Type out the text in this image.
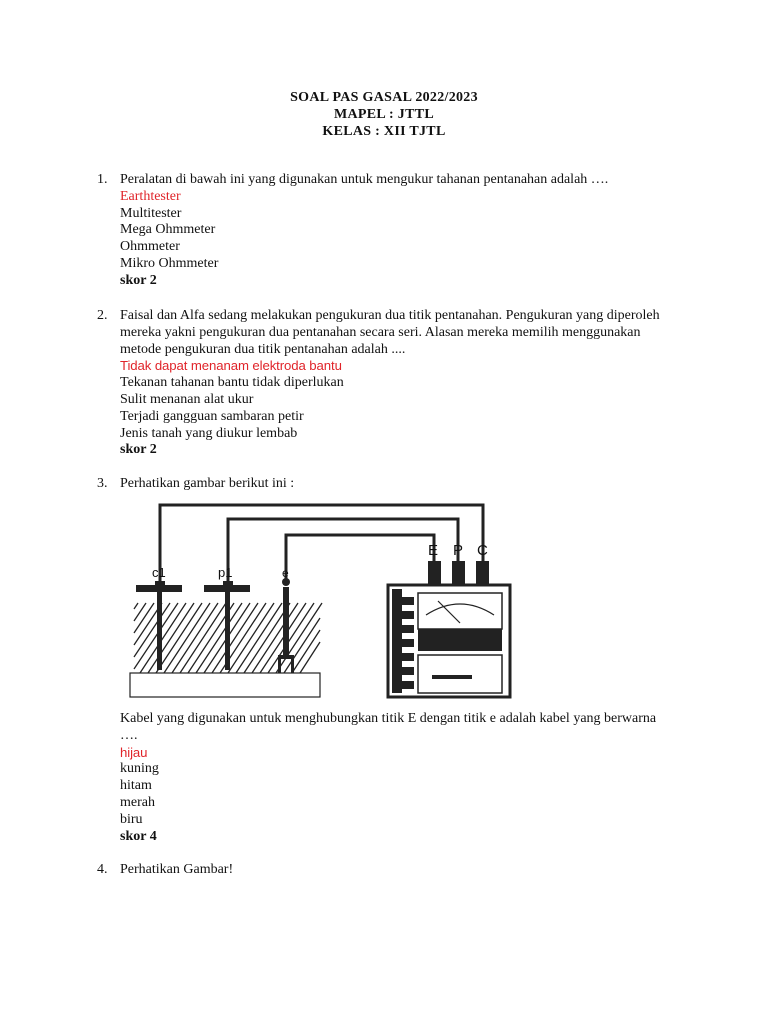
SOAL PAS GASAL 2022/2023
MAPEL : JTTL
KELAS : XII TJTL
1. Peralatan di bawah ini yang digunakan untuk mengukur tahanan pentanahan adalah ….
Earthtester
Multitester
Mega Ohmmeter
Ohmmeter
Mikro Ohmmeter
skor 2
2. Faisal dan Alfa sedang melakukan pengukuran dua titik pentanahan. Pengukuran yang diperoleh mereka yakni pengukuran dua pentanahan secara seri. Alasan mereka memilih menggunakan metode pengukuran dua titik pentanahan adalah ....
Tidak dapat menanam elektroda bantu
Tekanan tahanan bantu tidak diperlukan
Sulit menanan alat ukur
Terjadi gangguan sambaran petir
Jenis tanah yang diukur lembab
skor 2
3. Perhatikan gambar berikut ini :
c1	p1	e
E P C
Kabel yang digunakan untuk menghubungkan titik E dengan titik e adalah kabel yang berwarna ….
hijau
kuning
hitam
merah
biru
skor 4
4. Perhatikan Gambar!
